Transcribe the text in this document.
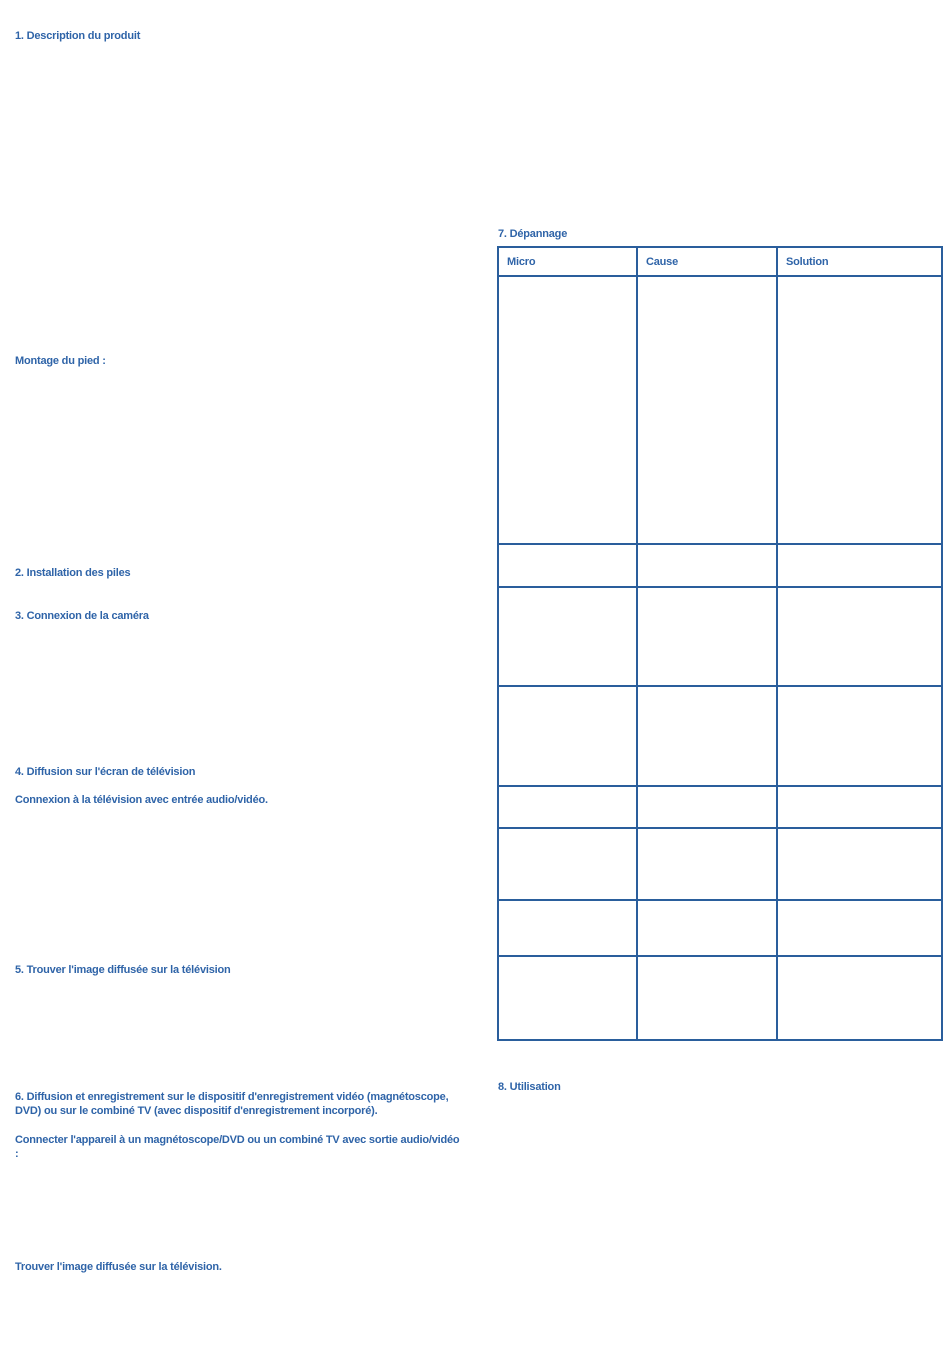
1. Description du produit

Montage du pied :

2. Installation des piles

3. Connexion de la caméra

4. Diffusion sur l'écran de télévision

Connexion à la télévision avec entrée audio/vidéo.

5. Trouver l'image diffusée sur la télévision

6. Diffusion et enregistrement sur le dispositif d'enregistrement vidéo (magnétoscope, DVD) ou sur le combiné TV (avec dispositif d'enregistrement incorporé).

Connecter l'appareil à un magnétoscope/DVD ou un combiné TV avec sortie audio/vidéo :

Trouver l'image diffusée sur la télévision.

7. Dépannage

Micro	Cause	Solution

8. Utilisation
